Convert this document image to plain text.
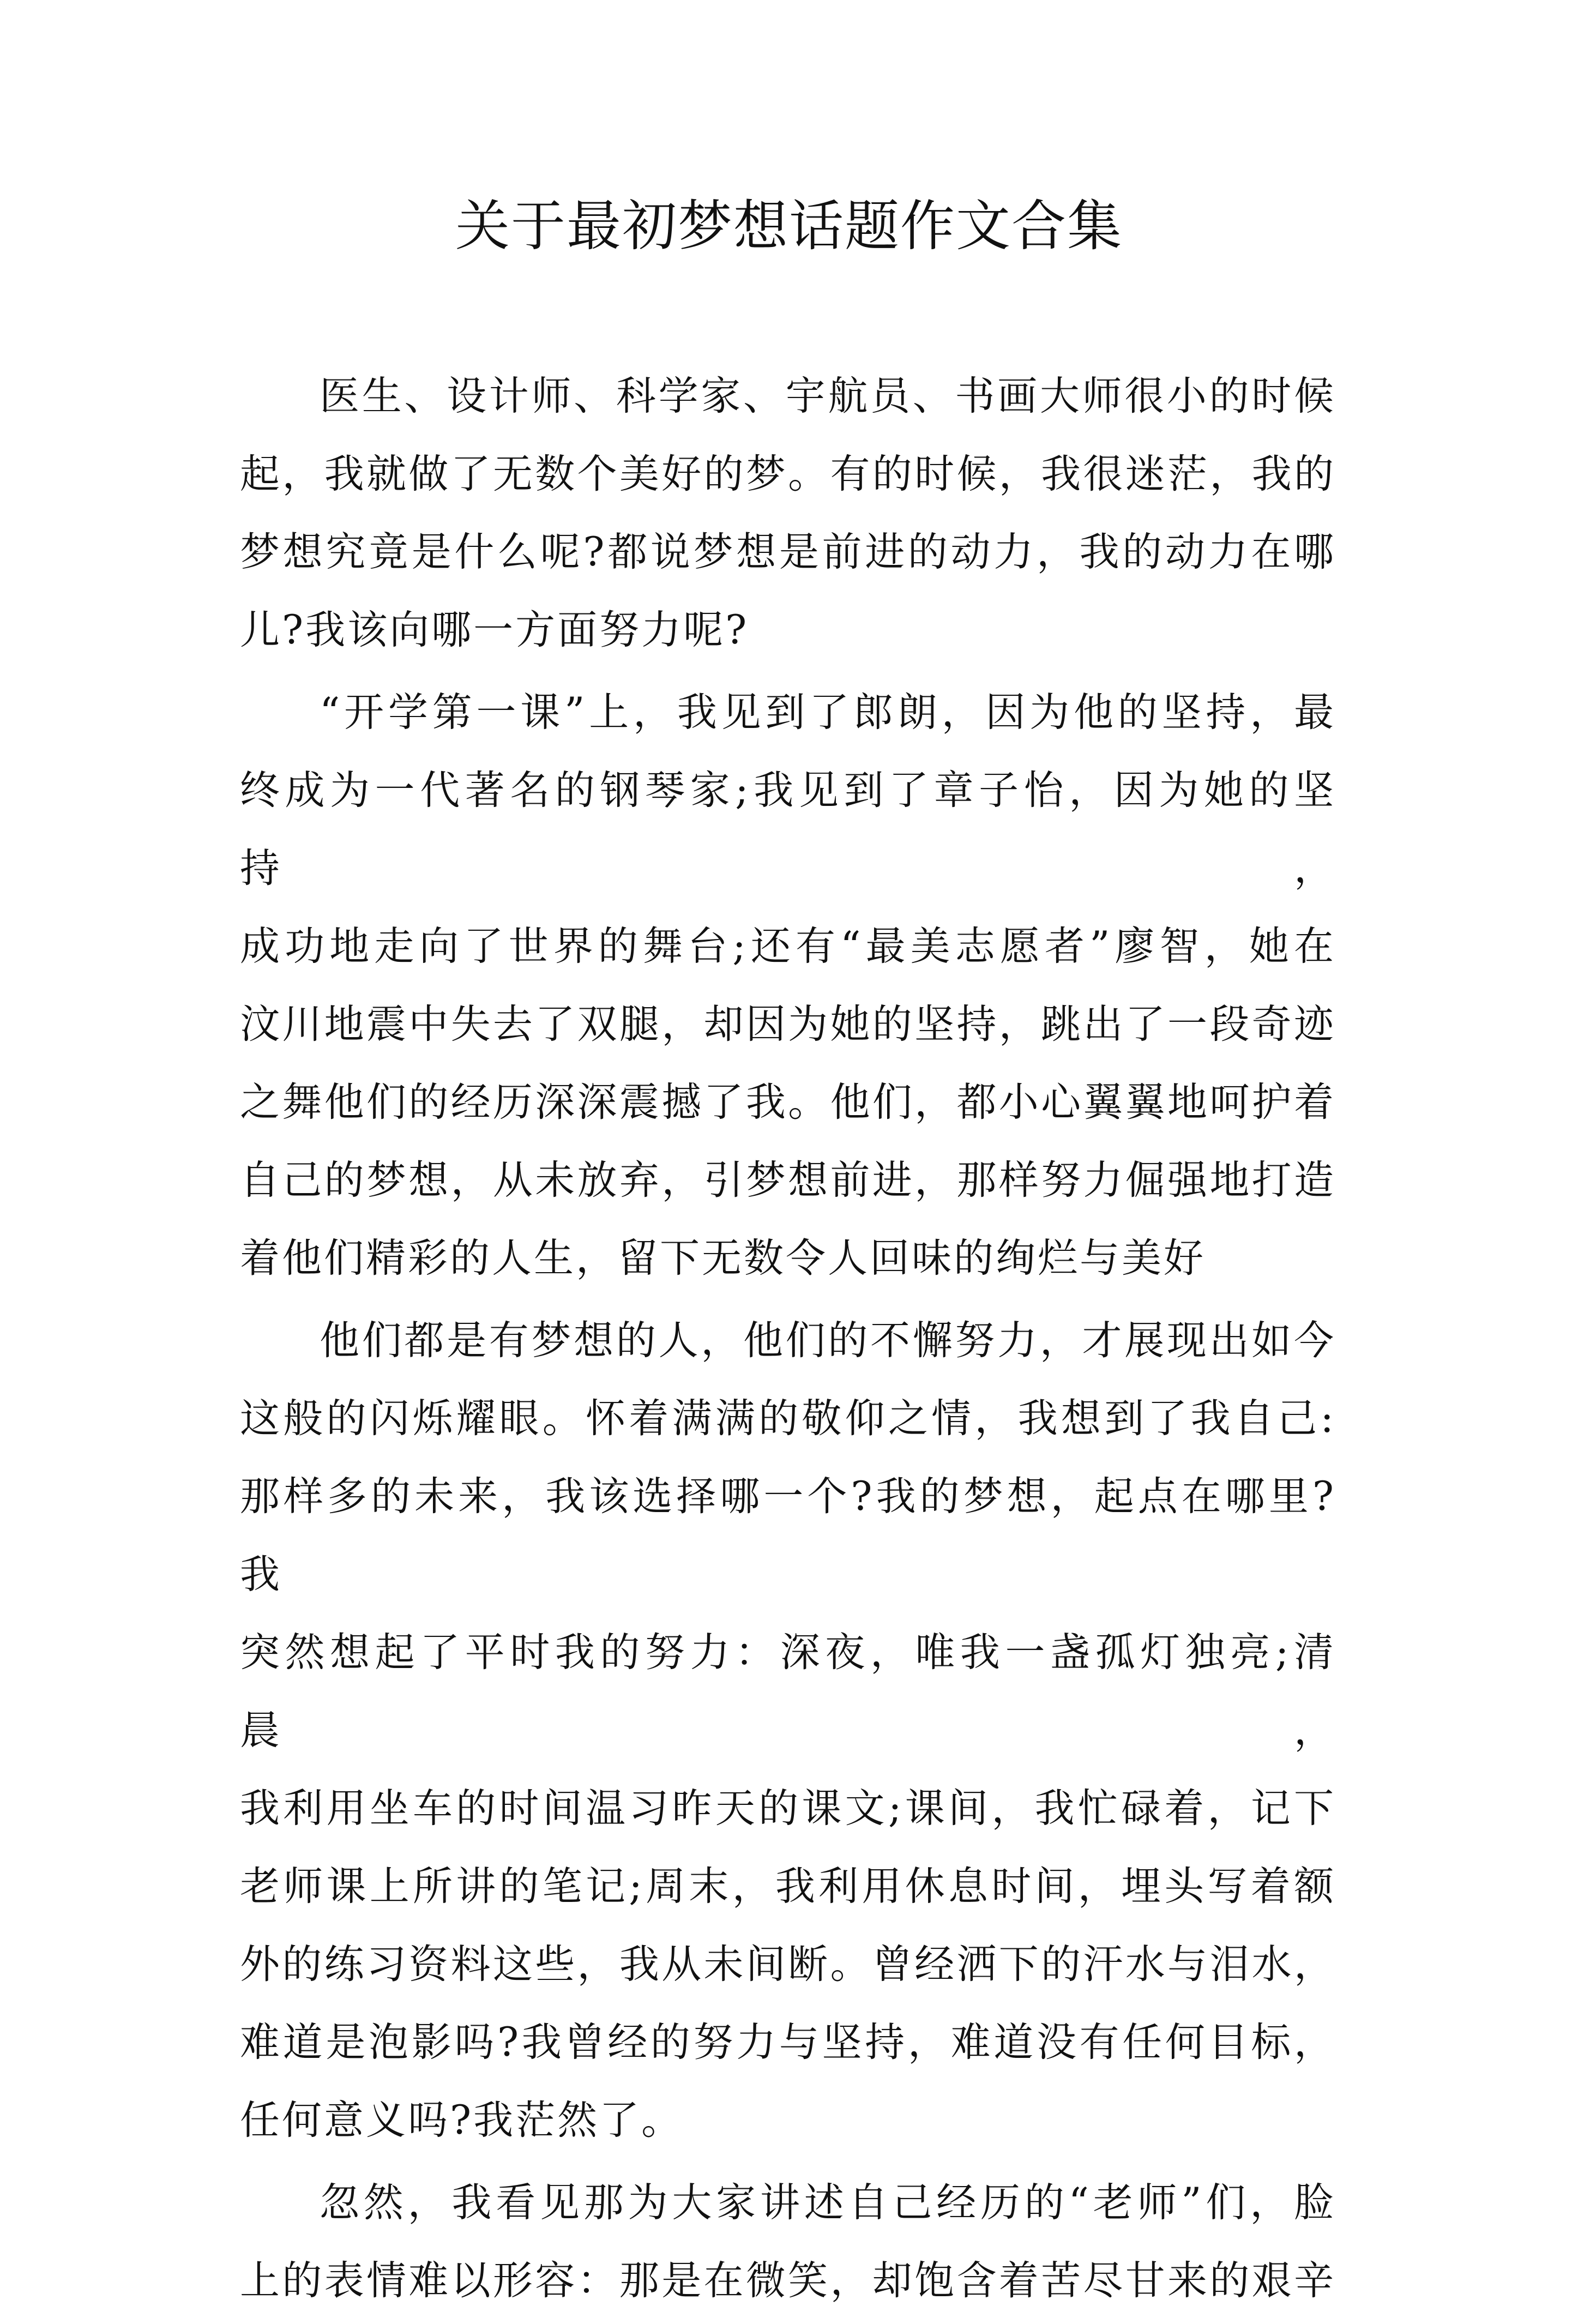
关于最初梦想话题作文合集
医生、设计师、科学家、宇航员、书画大师很小的时候
起，我就做了无数个美好的梦。有的时候，我很迷茫，我的
梦想究竟是什么呢?都说梦想是前进的动力，我的动力在哪
儿?我该向哪一方面努力呢?
“开学第一课”上，我见到了郎朗，因为他的坚持，最
终成为一代著名的钢琴家;我见到了章子怡，因为她的坚持，
成功地走向了世界的舞台;还有“最美志愿者”廖智，她在
汶川地震中失去了双腿，却因为她的坚持，跳出了一段奇迹
之舞他们的经历深深震撼了我。他们，都小心翼翼地呵护着
自己的梦想，从未放弃，引梦想前进，那样努力倔强地打造
着他们精彩的人生，留下无数令人回味的绚烂与美好
他们都是有梦想的人，他们的不懈努力，才展现出如今
这般的闪烁耀眼。怀着满满的敬仰之情，我想到了我自己:
那样多的未来，我该选择哪一个?我的梦想，起点在哪里?我
突然想起了平时我的努力：深夜，唯我一盏孤灯独亮;清晨，
我利用坐车的时间温习昨天的课文;课间，我忙碌着，记下
老师课上所讲的笔记;周末，我利用休息时间，埋头写着额
外的练习资料这些，我从未间断。曾经洒下的汗水与泪水，
难道是泡影吗?我曾经的努力与坚持，难道没有任何目标，
任何意义吗?我茫然了。
忽然，我看见那为大家讲述自己经历的“老师”们，脸
上的表情难以形容：那是在微笑，却饱含着苦尽甘来的艰辛
